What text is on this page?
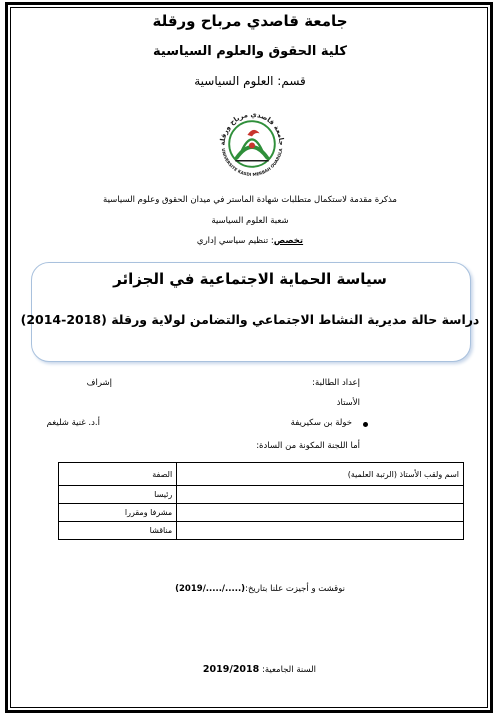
جامعة قاصدي مرباح ورقلة
كلية الحقوق والعلوم السياسية
قسم: العلوم السياسية
جامعة قاصدي مرباح ورقلة
UNIVERSITE KASDI MERBAH OUARGLA
مذكرة مقدمة لاستكمال متطلبات شهادة الماستر في ميدان الحقوق وعلوم السياسية
شعبة العلوم السياسية
تخصص: تنظيم سياسي إداري
سياسة الحماية الاجتماعية في الجزائر
دراسة حالة مديرية النشاط الاجتماعي والتضامن لولاية ورقلة (2018-2014)
إعداد الطالبة:
إشراف
الأستاذ
خولة بن سكيريفة
أ.د. غنية شليغم
أما اللجنة المكونة من السادة:
اسم ولقب الأستاذ (الرتبة العلمية)	الصفة
	رئيسا
	مشرفا ومقررا
	مناقشا
نوقشت و أجيزت علنا بتاريخ:(...../...../2019)
السنة الجامعية: 2019/2018
